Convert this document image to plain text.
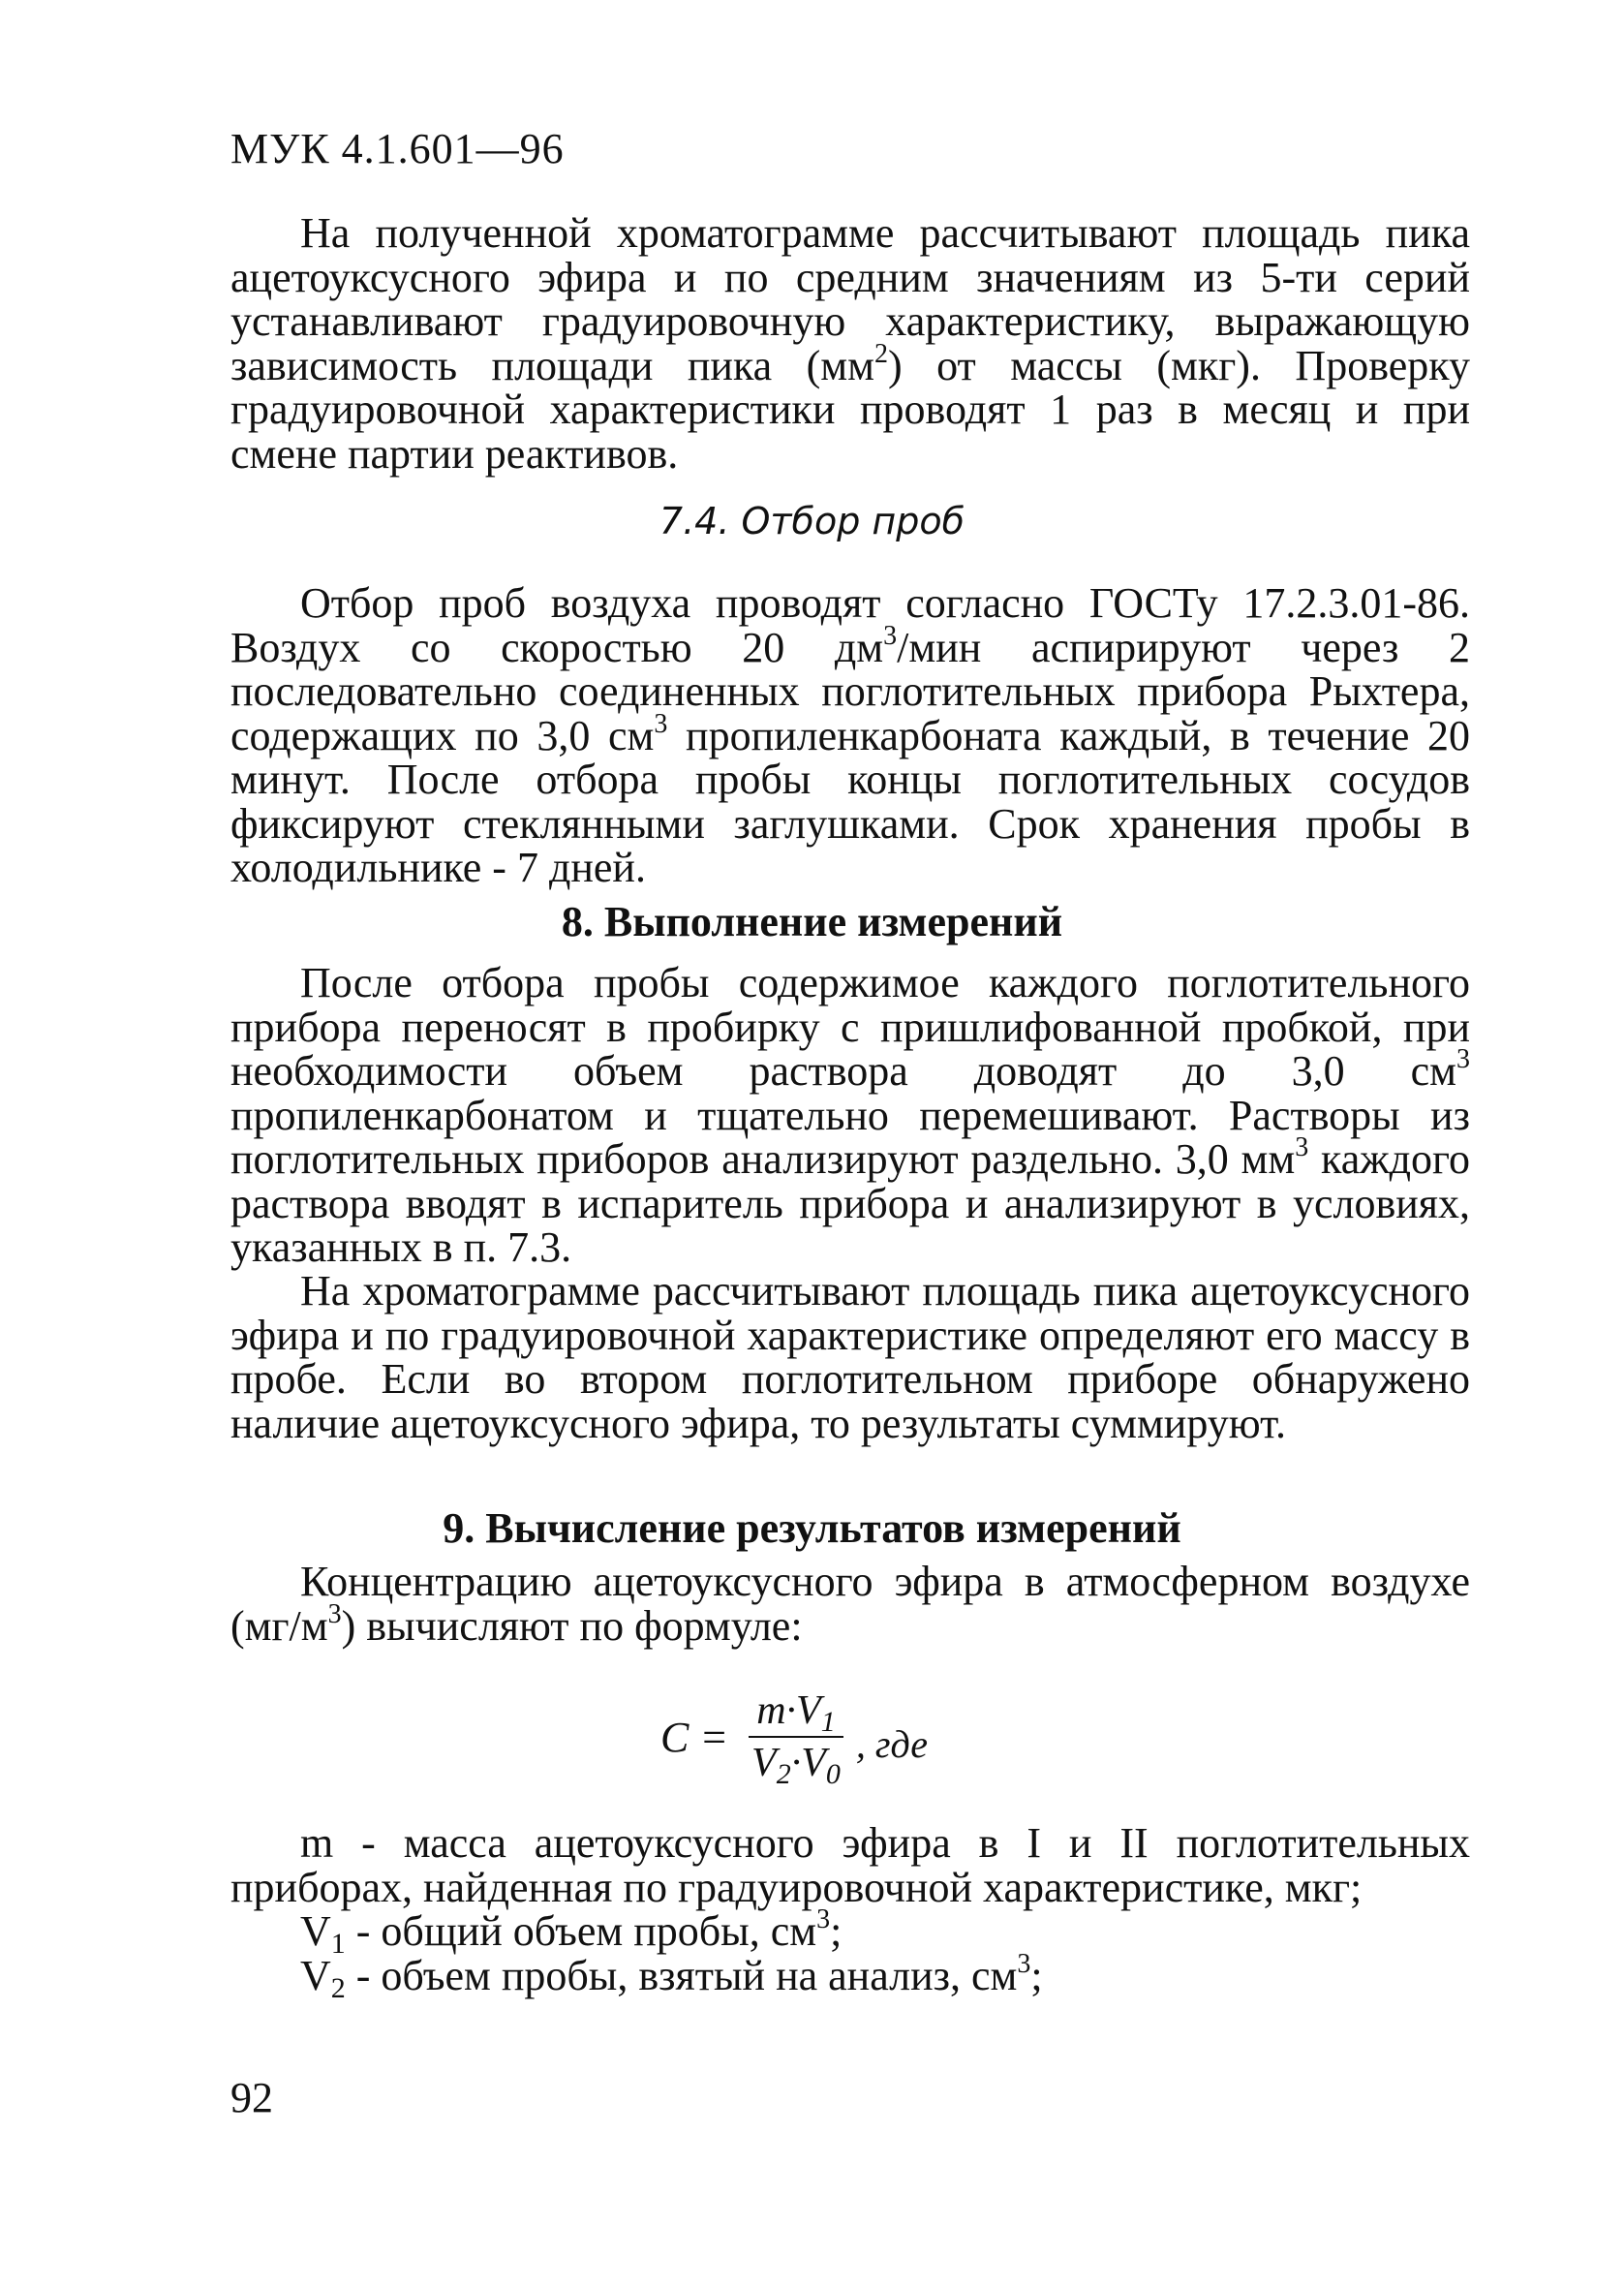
МУК 4.1.601—96

На полученной хроматограмме рассчитывают площадь пика ацетоуксусного эфира и по средним значениям из 5-ти серий устанавливают градуировочную характеристику, выражающую зависимость площади пика $(мм^2)$ от массы (мкг). Проверку градуировочной характеристики проводят 1 раз в месяц и при смене партии реактивов.

7.4. Отбор проб

Отбор проб воздуха проводят согласно ГОСТу 17.2.3.01-86. Воздух со скоростью 20 $дм^3$/мин аспирируют через 2 последовательно соединенных поглотительных прибора Рыхтера, содержащих по 3,0 $см^3$ пропиленкарбоната каждый, в течение 20 минут. После отбора пробы концы поглотительных сосудов фиксируют стеклянными заглушками. Срок хранения пробы в холодильнике - 7 дней.

8. Выполнение измерений

После отбора пробы содержимое каждого поглотительного прибора переносят в пробирку с пришлифованной пробкой, при необходимости объем раствора доводят до 3,0 $см^3$ пропиленкарбонатом и тщательно перемешивают. Растворы из поглотительных приборов анализируют раздельно. 3,0 $мм^3$ каждого раствора вводят в испаритель прибора и анализируют в условиях, указанных в п. 7.3.

На хроматограмме рассчитывают площадь пика ацетоуксусного эфира и по градуировочной характеристике определяют его массу в пробе. Если во втором поглотительном приборе обнаружено наличие ацетоуксусного эфира, то результаты суммируют.

9. Вычисление результатов измерений

Концентрацию ацетоуксусного эфира в атмосферном воздухе $(мг/м^3)$ вычисляют по формуле:

$C = \frac{m\cdot V_1}{V_2\cdot V_0}$ , где

m - масса ацетоуксусного эфира в I и II поглотительных приборах, найденная по градуировочной характеристике, мкг;

$V_1$ - общий объем пробы, $см^3$;
$V_2$ - объем пробы, взятый на анализ, $см^3$;
92
